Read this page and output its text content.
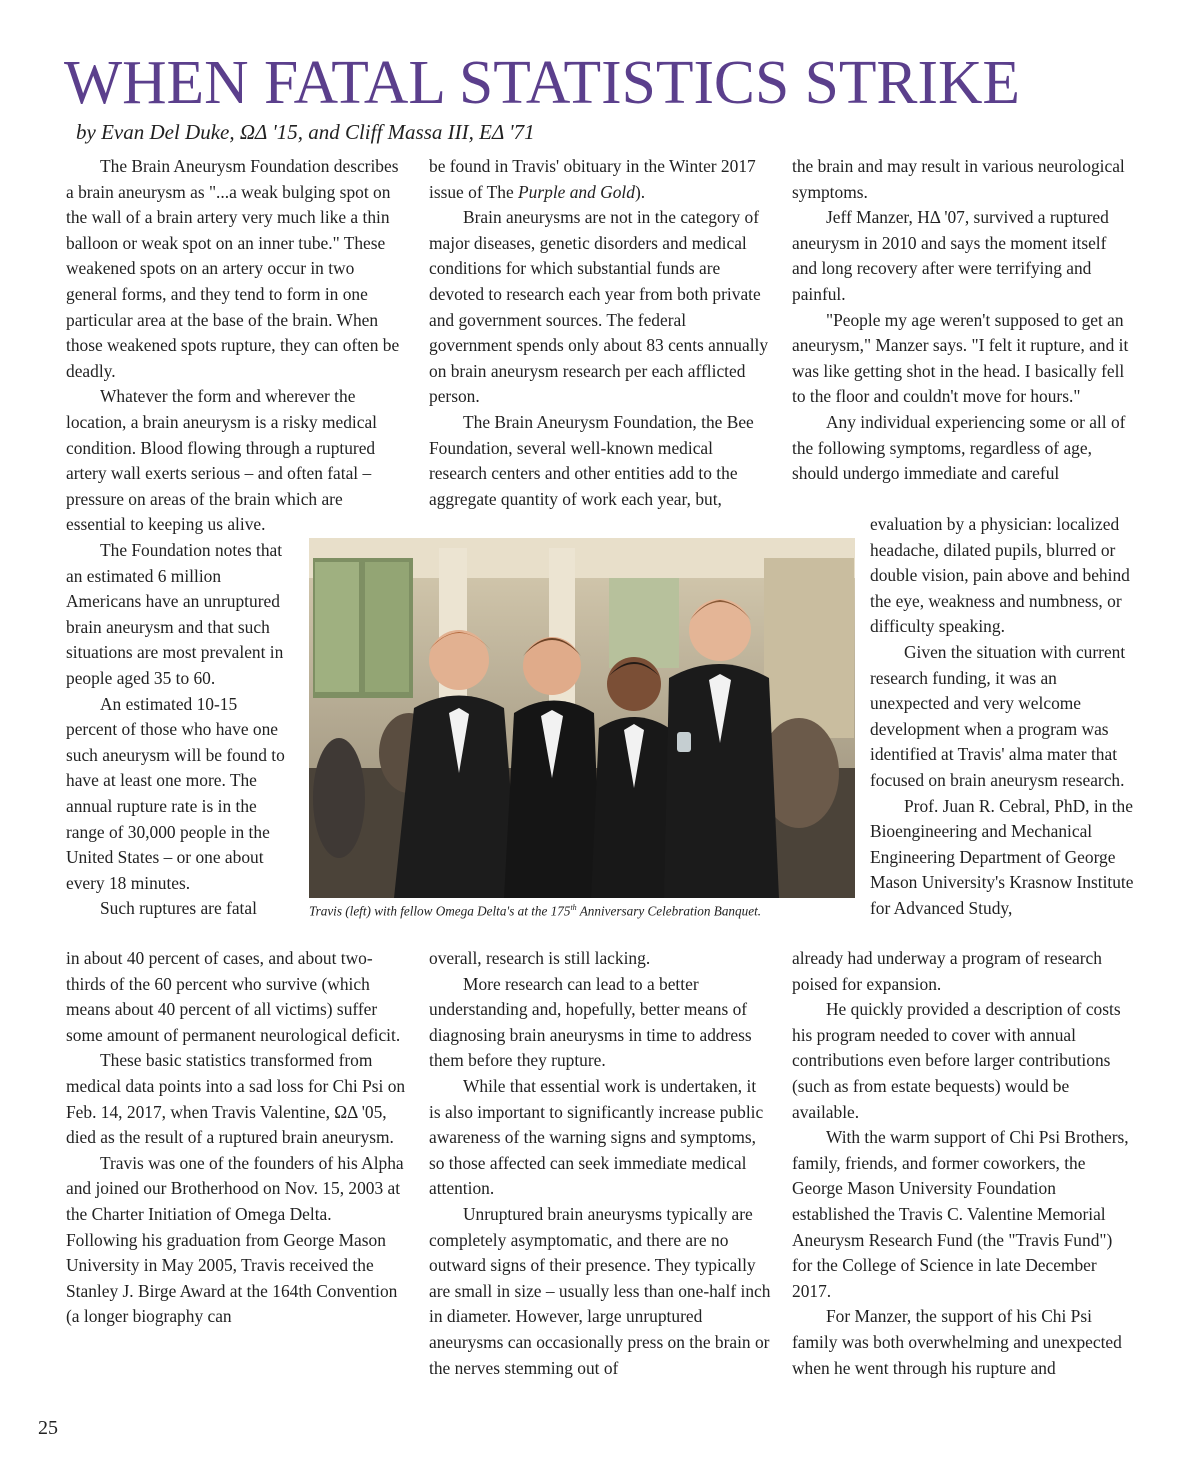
WHEN FATAL STATISTICS STRIKE

by Evan Del Duke, ΩΔ '15, and Cliff Massa III, EΔ '71

The Brain Aneurysm Foundation describes a brain aneurysm as "...a weak bulging spot on the wall of a brain artery very much like a thin balloon or weak spot on an inner tube." These weakened spots on an artery occur in two general forms, and they tend to form in one particular area at the base of the brain. When those weakened spots rupture, they can often be deadly.

Whatever the form and wherever the location, a brain aneurysm is a risky medical condition. Blood flowing through a ruptured artery wall exerts serious – and often fatal – pressure on areas of the brain which are essential to keeping us alive.

The Foundation notes that an estimated 6 million Americans have an unruptured brain aneurysm and that such situations are most prevalent in people aged 35 to 60.

An estimated 10-15 percent of those who have one such aneurysm will be found to have at least one more. The annual rupture rate is in the range of 30,000 people in the United States – or one about every 18 minutes.

Such ruptures are fatal

in about 40 percent of cases, and about two-thirds of the 60 percent who survive (which means about 40 percent of all victims) suffer some amount of permanent neurological deficit.

These basic statistics transformed from medical data points into a sad loss for Chi Psi on Feb. 14, 2017, when Travis Valentine, ΩΔ '05, died as the result of a ruptured brain aneurysm.

Travis was one of the founders of his Alpha and joined our Brotherhood on Nov. 15, 2003 at the Charter Initiation of Omega Delta. Following his graduation from George Mason University in May 2005, Travis received the Stanley J. Birge Award at the 164th Convention (a longer biography can

be found in Travis' obituary in the Winter 2017 issue of The Purple and Gold).

Brain aneurysms are not in the category of major diseases, genetic disorders and medical conditions for which substantial funds are devoted to research each year from both private and government sources. The federal government spends only about 83 cents annually on brain aneurysm research per each afflicted person.

The Brain Aneurysm Foundation, the Bee Foundation, several well-known medical research centers and other entities add to the aggregate quantity of work each year, but,

Travis (left) with fellow Omega Delta's at the 175th Anniversary Celebration Banquet.

overall, research is still lacking.

More research can lead to a better understanding and, hopefully, better means of diagnosing brain aneurysms in time to address them before they rupture.

While that essential work is undertaken, it is also important to significantly increase public awareness of the warning signs and symptoms, so those affected can seek immediate medical attention.

Unruptured brain aneurysms typically are completely asymptomatic, and there are no outward signs of their presence. They typically are small in size – usually less than one-half inch in diameter. However, large unruptured aneurysms can occasionally press on the brain or the nerves stemming out of

the brain and may result in various neurological symptoms.

Jeff Manzer, HΔ '07, survived a ruptured aneurysm in 2010 and says the moment itself and long recovery after were terrifying and painful.

"People my age weren't supposed to get an aneurysm," Manzer says. "I felt it rupture, and it was like getting shot in the head. I basically fell to the floor and couldn't move for hours."

Any individual experiencing some or all of the following symptoms, regardless of age, should undergo immediate and careful

evaluation by a physician: localized headache, dilated pupils, blurred or double vision, pain above and behind the eye, weakness and numbness, or difficulty speaking.

Given the situation with current research funding, it was an unexpected and very welcome development when a program was identified at Travis' alma mater that focused on brain aneurysm research.

Prof. Juan R. Cebral, PhD, in the Bioengineering and Mechanical Engineering Department of George Mason University's Krasnow Institute for Advanced Study,

already had underway a program of research poised for expansion.

He quickly provided a description of costs his program needed to cover with annual contributions even before larger contributions (such as from estate bequests) would be available.

With the warm support of Chi Psi Brothers, family, friends, and former coworkers, the George Mason University Foundation established the Travis C. Valentine Memorial Aneurysm Research Fund (the "Travis Fund") for the College of Science in late December 2017.

For Manzer, the support of his Chi Psi family was both overwhelming and unexpected when he went through his rupture and

25
